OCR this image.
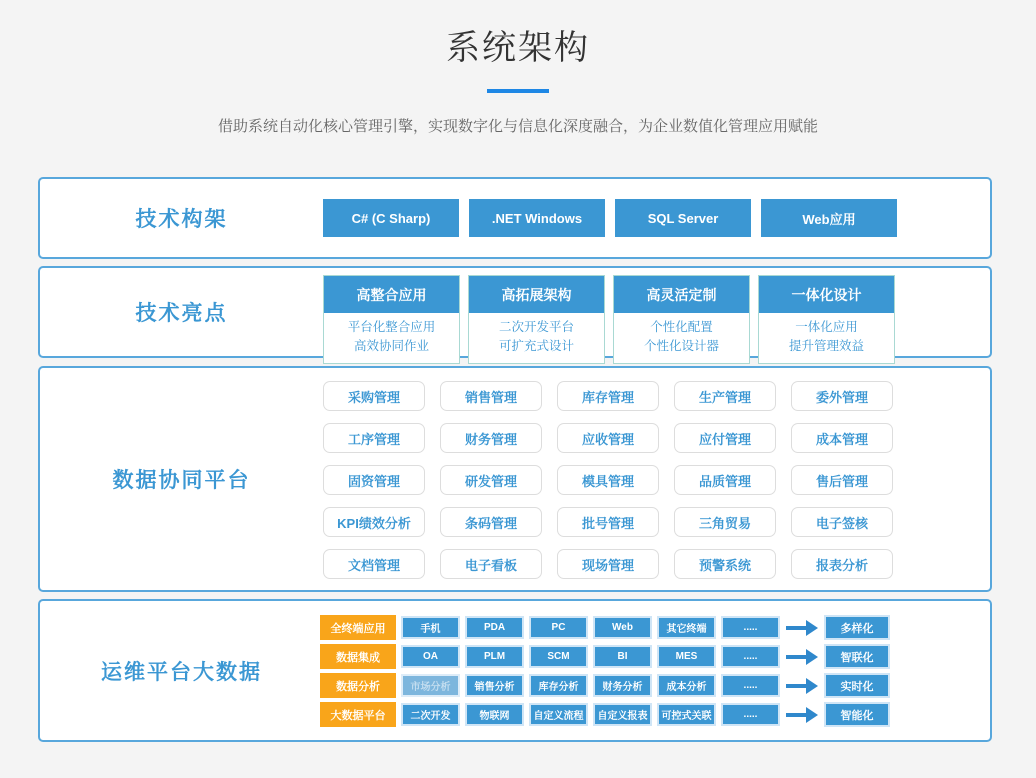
系统架构

借助系统自动化核心管理引擎，实现数字化与信息化深度融合，为企业数值化管理应用赋能

技术构架	C# (C Sharp)	.NET Windows	SQL Server	Web应用
技术亮点
高整合应用
平台化整合应用
高效协同作业
高拓展架构
二次开发平台
可扩充式设计
高灵活定制
个性化配置
个性化设计器
一体化设计
一体化应用
提升管理效益
数据协同平台
采购管理	销售管理	库存管理	生产管理	委外管理
工序管理	财务管理	应收管理	应付管理	成本管理
固资管理	研发管理	模具管理	品质管理	售后管理
KPI绩效分析	条码管理	批号管理	三角贸易	电子签核
文档管理	电子看板	现场管理	预警系统	报表分析
运维平台大数据
全终端应用	手机	PDA	PC	Web	其它终端	.....	多样化
数据集成	OA	PLM	SCM	BI	MES	.....	智联化
数据分析	市场分析	销售分析	库存分析	财务分析	成本分析	.....	实时化
大数据平台	二次开发	物联网	自定义流程	自定义报表	可控式关联	.....	智能化
